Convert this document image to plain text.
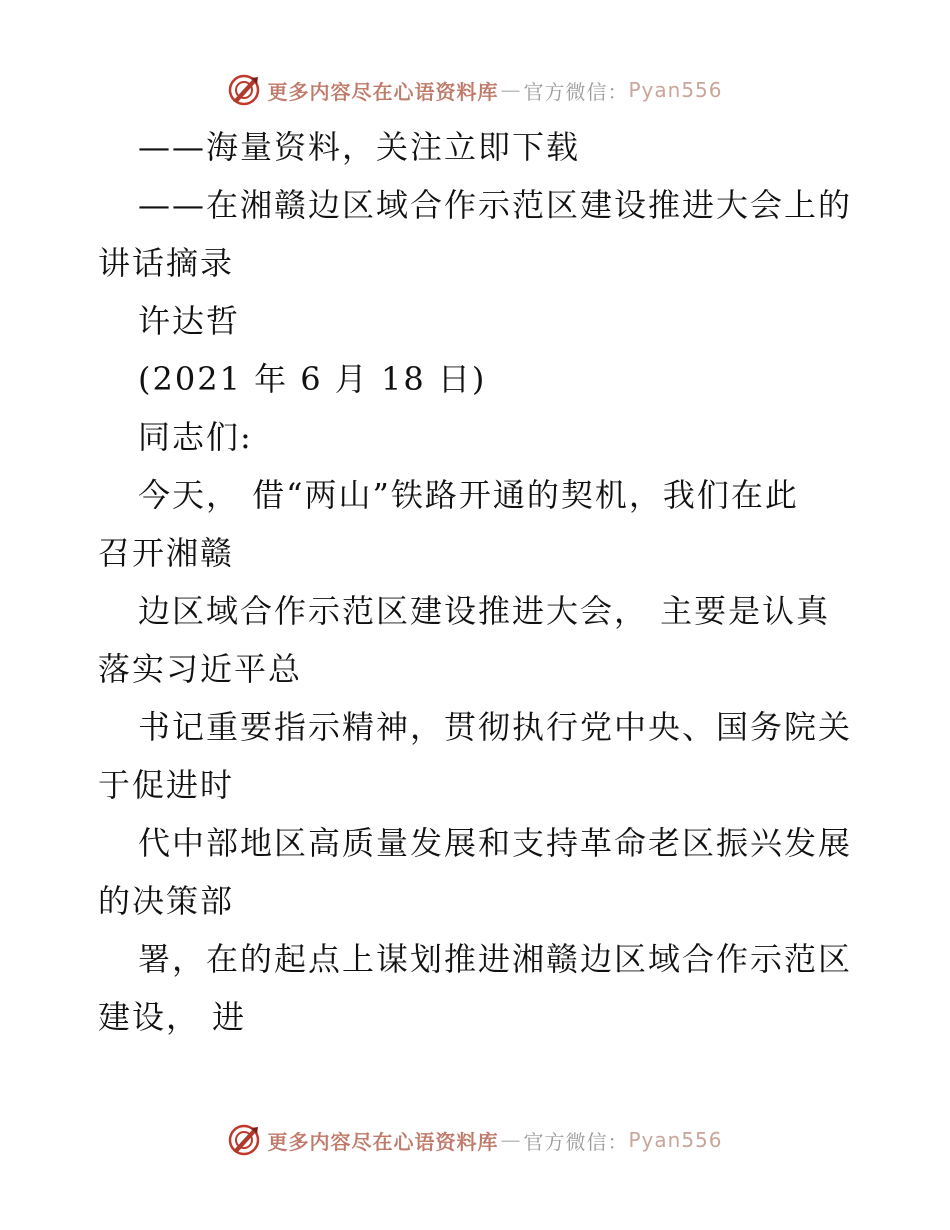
更多内容尽在心语资料库 — 官方微信： Pyan556
——海量资料，关注立即下载
——在湘赣边区域合作示范区建设推进大会上的
讲话摘录
许达哲
(2021 年 6 月 18 日)
同志们:
今天， 借“两山”铁路开通的契机，我们在此
召开湘赣
边区域合作示范区建设推进大会， 主要是认真
落实习近平总
书记重要指示精神，贯彻执行党中央、国务院关
于促进时
代中部地区高质量发展和支持革命老区振兴发展
的决策部
署，在的起点上谋划推进湘赣边区域合作示范区
建设， 进
更多内容尽在心语资料库 — 官方微信： Pyan556
